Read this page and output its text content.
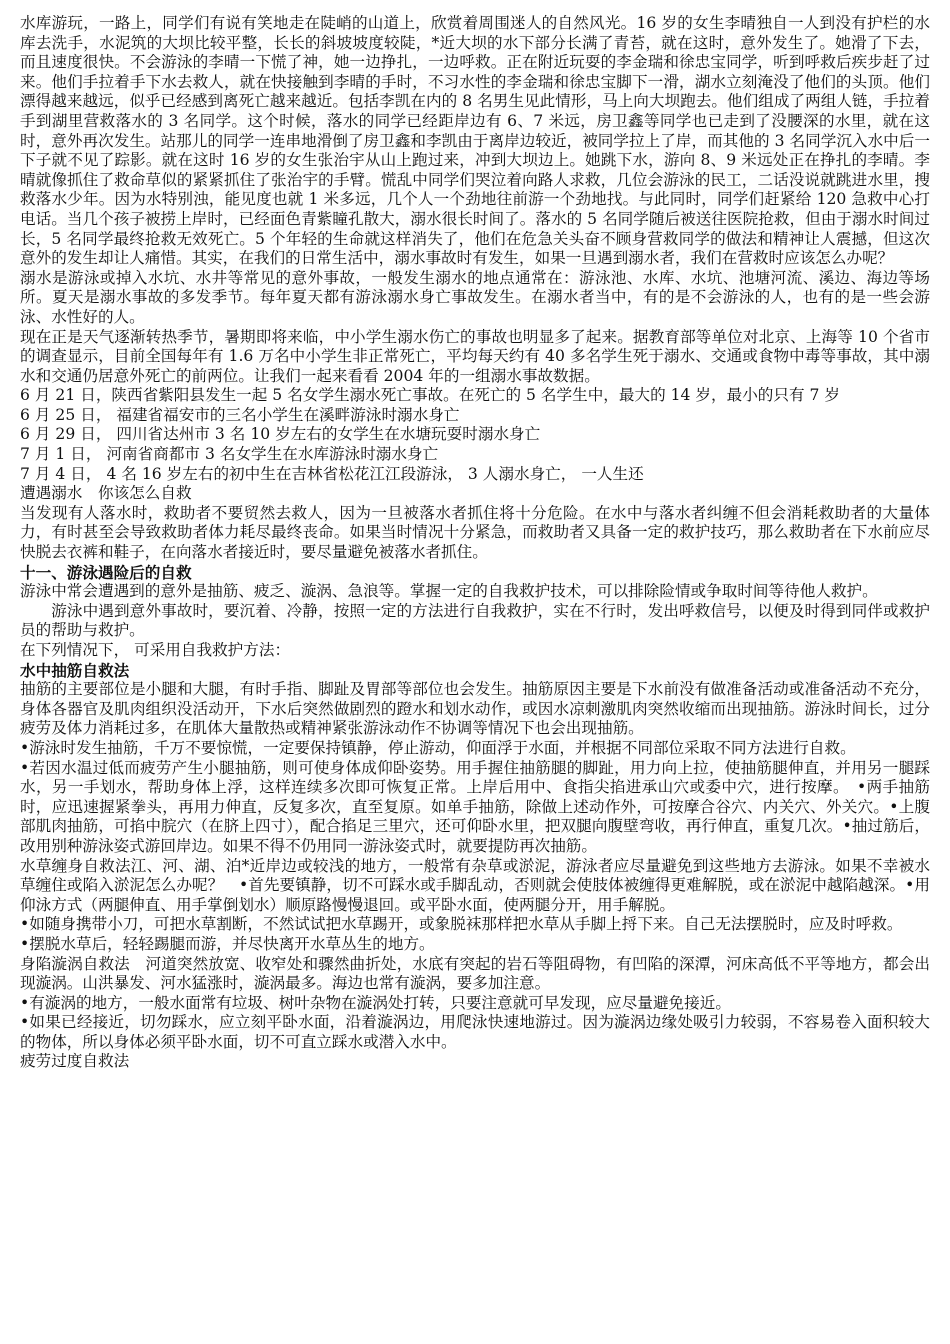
水库游玩，一路上，同学们有说有笑地走在陡峭的山道上，欣赏着周围迷人的自然风光。16 岁的女生李晴独自一人到没有护栏的水库去洗手，水泥筑的大坝比较平整，长长的斜坡坡度较陡，*近大坝的水下部分长满了青苔，就在这时，意外发生了。她滑了下去，而且速度很快。不会游泳的李晴一下慌了神，她一边挣扎，一边呼救。正在附近玩耍的李金瑞和徐忠宝同学，听到呼救后疾步赶了过来。他们手拉着手下水去救人，就在快接触到李晴的手时，不习水性的李金瑞和徐忠宝脚下一滑，湖水立刻淹没了他们的头顶。他们漂得越来越远，似乎已经感到离死亡越来越近。包括李凯在内的 8 名男生见此情形，马上向大坝跑去。他们组成了两组人链，手拉着手到湖里营救落水的 3 名同学。这个时候，落水的同学已经距岸边有 6、7 米远，房卫鑫等同学也已走到了没腰深的水里，就在这时，意外再次发生。站那儿的同学一连串地滑倒了房卫鑫和李凯由于离岸边较近，被同学拉上了岸，而其他的 3 名同学沉入水中后一下子就不见了踪影。就在这时 16 岁的女生张治宇从山上跑过来，冲到大坝边上。她跳下水，游向 8、9 米远处正在挣扎的李晴。李晴就像抓住了救命草似的紧紧抓住了张治宇的手臂。慌乱中同学们哭泣着向路人求救，几位会游泳的民工，二话没说就跳进水里，搜救落水少年。因为水特别浊，能见度也就 1 米多远，几个人一个劲地往前游一个劲地找。与此同时，同学们赶紧给 120 急救中心打电话。当几个孩子被捞上岸时，已经面色青紫瞳孔散大，溺水很长时间了。落水的 5 名同学随后被送往医院抢救，但由于溺水时间过长，5 名同学最终抢救无效死亡。5 个年轻的生命就这样消失了，他们在危急关头奋不顾身营救同学的做法和精神让人震撼，但这次意外的发生却让人痛惜。其实，在我们的日常生活中，溺水事故时有发生，如果一旦遇到溺水者，我们在营救时应该怎么办呢？

溺水是游泳或掉入水坑、水井等常见的意外事故，一般发生溺水的地点通常在：游泳池、水库、水坑、池塘河流、溪边、海边等场所。夏天是溺水事故的多发季节。每年夏天都有游泳溺水身亡事故发生。在溺水者当中，有的是不会游泳的人，也有的是一些会游泳、水性好的人。

现在正是天气逐渐转热季节，暑期即将来临，中小学生溺水伤亡的事故也明显多了起来。据教育部等单位对北京、上海等 10 个省市的调查显示，目前全国每年有 1.6 万名中小学生非正常死亡，平均每天约有 40 多名学生死于溺水、交通或食物中毒等事故，其中溺水和交通仍居意外死亡的前两位。让我们一起来看看 2004 年的一组溺水事故数据。

6 月 21 日，陕西省紫阳县发生一起 5 名女学生溺水死亡事故。在死亡的 5 名学生中，最大的 14 岁，最小的只有 7 岁

6 月 25 日， 福建省福安市的三名小学生在溪畔游泳时溺水身亡

6 月 29 日， 四川省达州市 3 名 10 岁左右的女学生在水塘玩耍时溺水身亡

7 月 1 日， 河南省商都市 3 名女学生在水库游泳时溺水身亡

7 月 4 日， 4 名 16 岁左右的初中生在吉林省松花江江段游泳， 3 人溺水身亡， 一人生还

遭遇溺水　你该怎么自救

当发现有人落水时，救助者不要贸然去救人，因为一旦被落水者抓住将十分危险。在水中与落水者纠缠不但会消耗救助者的大量体力，有时甚至会导致救助者体力耗尽最终丧命。如果当时情况十分紧急，而救助者又具备一定的救护技巧，那么救助者在下水前应尽快脱去衣裤和鞋子，在向落水者接近时，要尽量避免被落水者抓住。

十一、游泳遇险后的自救

游泳中常会遭遇到的意外是抽筋、疲乏、漩涡、急浪等。掌握一定的自我救护技术，可以排除险情或争取时间等待他人救护。

游泳中遇到意外事故时，要沉着、冷静，按照一定的方法进行自我救护，实在不行时，发出呼救信号，以便及时得到同伴或救护员的帮助与救护。

在下列情况下， 可采用自我救护方法：

水中抽筋自救法

抽筋的主要部位是小腿和大腿，有时手指、脚趾及胃部等部位也会发生。抽筋原因主要是下水前没有做准备活动或准备活动不充分，身体各器官及肌肉组织没活动开，下水后突然做剧烈的蹬水和划水动作，或因水凉刺激肌肉突然收缩而出现抽筋。游泳时间长，过分疲劳及体力消耗过多，在肌体大量散热或精神紧张游泳动作不协调等情况下也会出现抽筋。

•游泳时发生抽筋，千万不要惊慌，一定要保持镇静，停止游动，仰面浮于水面，并根据不同部位采取不同方法进行自救。

•若因水温过低而疲劳产生小腿抽筋，则可使身体成仰卧姿势。用手握住抽筋腿的脚趾，用力向上拉，使抽筋腿伸直，并用另一腿踩水，另一手划水，帮助身体上浮，这样连续多次即可恢复正常。上岸后用中、食指尖掐进承山穴或委中穴，进行按摩。　•两手抽筋时，应迅速握紧拳头，再用力伸直，反复多次，直至复原。如单手抽筋，除做上述动作外，可按摩合谷穴、内关穴、外关穴。•上腹部肌肉抽筋，可掐中脘穴（在脐上四寸），配合掐足三里穴，还可仰卧水里，把双腿向腹壁弯收，再行伸直，重复几次。•抽过筋后，改用别种游泳姿式游回岸边。如果不得不仍用同一游泳姿式时，就要提防再次抽筋。

水草缠身自救法江、河、湖、泊*近岸边或较浅的地方，一般常有杂草或淤泥，游泳者应尽量避免到这些地方去游泳。如果不幸被水草缠住或陷入淤泥怎么办呢？　•首先要镇静，切不可踩水或手脚乱动，否则就会使肢体被缠得更难解脱，或在淤泥中越陷越深。•用仰泳方式（两腿伸直、用手掌倒划水）顺原路慢慢退回。或平卧水面，使两腿分开，用手解脱。

•如随身携带小刀，可把水草割断，不然试试把水草踢开，或象脱袜那样把水草从手脚上捋下来。自己无法摆脱时，应及时呼救。

•摆脱水草后，轻轻踢腿而游，并尽快离开水草丛生的地方。

身陷漩涡自救法　河道突然放宽、收窄处和骤然曲折处，水底有突起的岩石等阻碍物，有凹陷的深潭，河床高低不平等地方，都会出现漩涡。山洪暴发、河水猛涨时，漩涡最多。海边也常有漩涡，要多加注意。

•有漩涡的地方，一般水面常有垃圾、树叶杂物在漩涡处打转，只要注意就可早发现，应尽量避免接近。

•如果已经接近，切勿踩水，应立刻平卧水面，沿着漩涡边，用爬泳快速地游过。因为漩涡边缘处吸引力较弱，不容易卷入面积较大的物体，所以身体必须平卧水面，切不可直立踩水或潜入水中。

疲劳过度自救法
